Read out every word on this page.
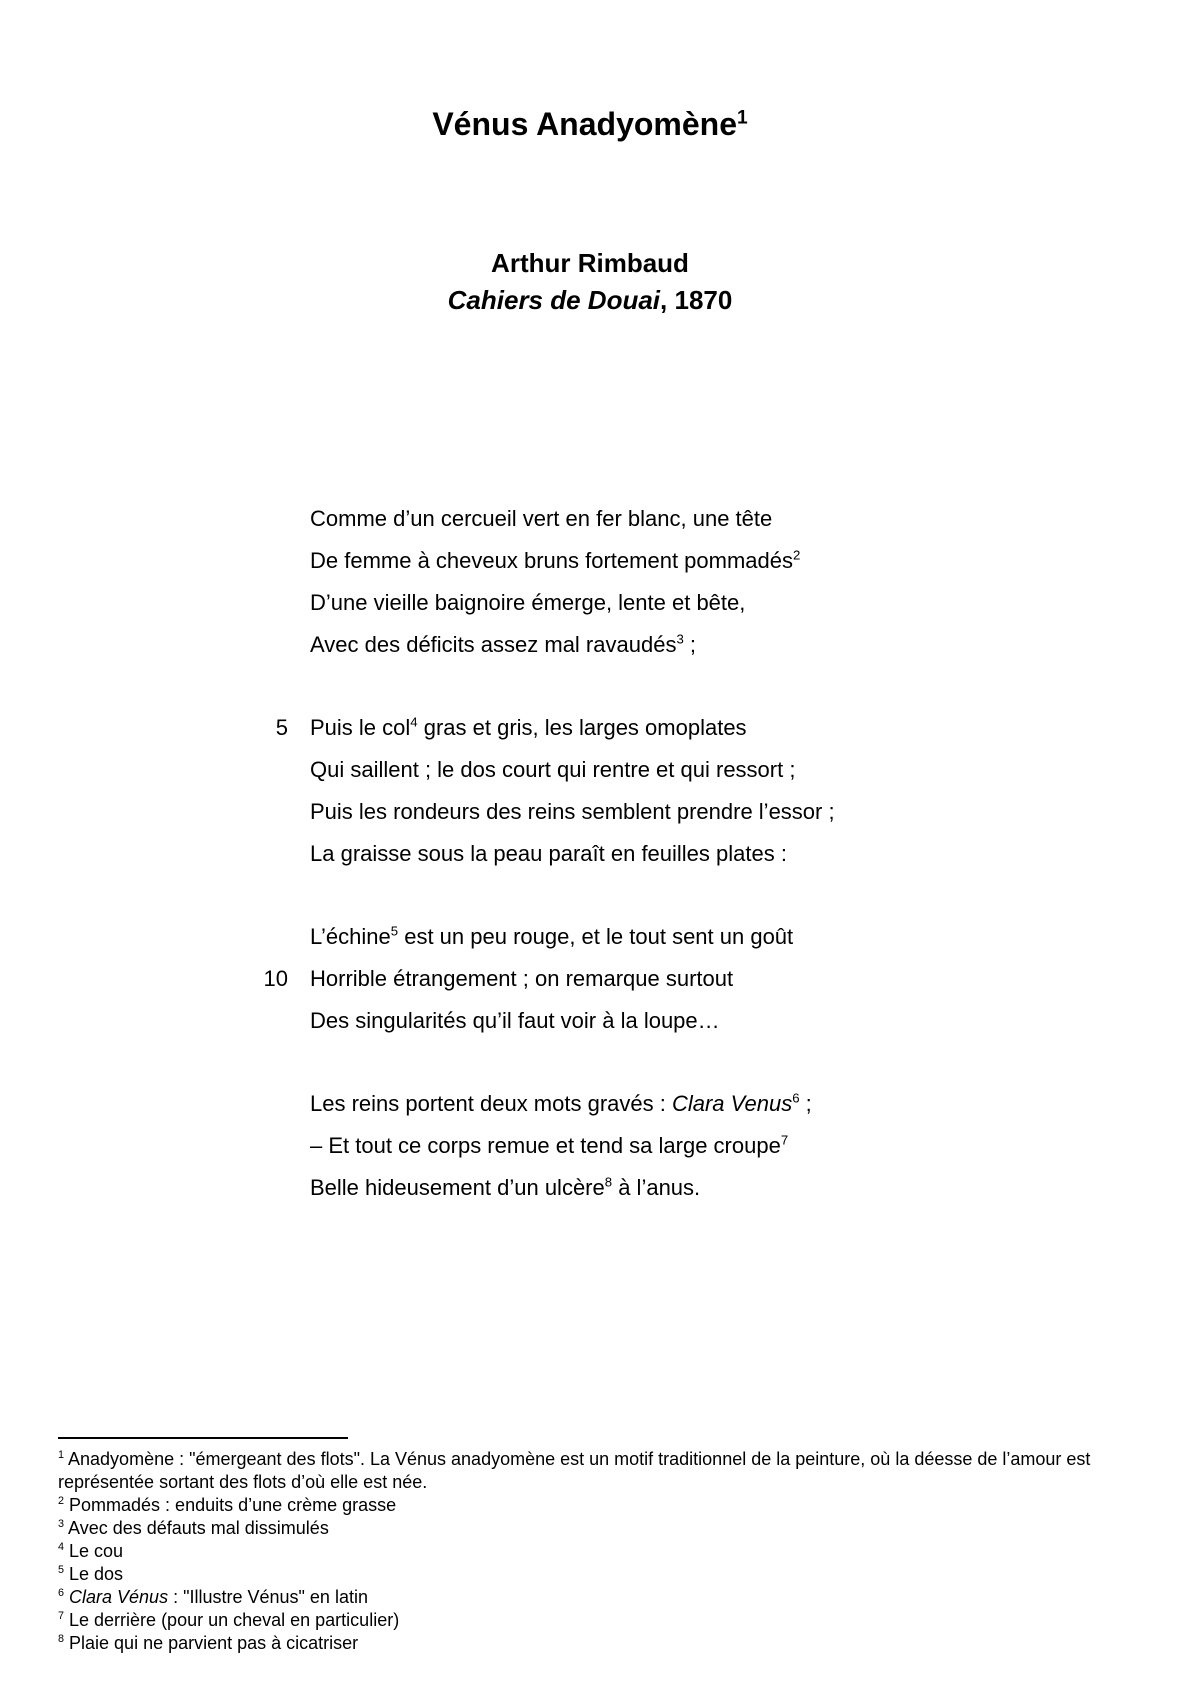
Vénus Anadyomène$^1$
Arthur Rimbaud
Cahiers de Douai, 1870
Comme d’un cercueil vert en fer blanc, une tête
De femme à cheveux bruns fortement pommadés$^2$
D’une vieille baignoire émerge, lente et bête,
Avec des déficits assez mal ravaudés$^3$ ;
5 Puis le col$^4$ gras et gris, les larges omoplates
Qui saillent ; le dos court qui rentre et qui ressort ;
Puis les rondeurs des reins semblent prendre l’essor ;
La graisse sous la peau paraît en feuilles plates :
L’échine$^5$ est un peu rouge, et le tout sent un goût
10 Horrible étrangement ; on remarque surtout
Des singularités qu’il faut voir à la loupe…
Les reins portent deux mots gravés : Clara Venus$^6$ ;
– Et tout ce corps remue et tend sa large croupe$^7$
Belle hideusement d’un ulcère$^8$ à l’anus.

$^1$ Anadyomène : "émergeant des flots". La Vénus anadyomène est un motif traditionnel de la peinture, où la déesse de l’amour est représentée sortant des flots d’où elle est née.

$^2$ Pommadés : enduits d’une crème grasse

$^3$ Avec des défauts mal dissimulés

$^4$ Le cou

$^5$ Le dos

$^6$ Clara Vénus : "Illustre Vénus" en latin

$^7$ Le derrière (pour un cheval en particulier)

$^8$ Plaie qui ne parvient pas à cicatriser
